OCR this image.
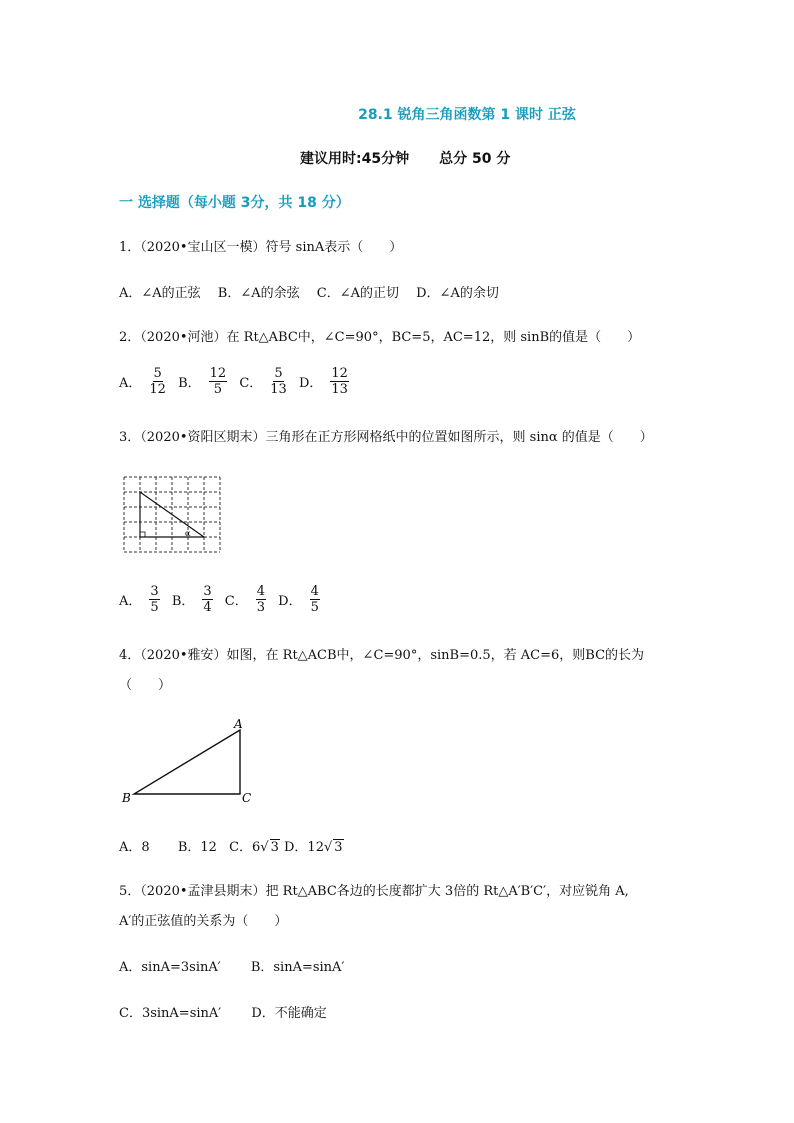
28.1 锐角三角函数第 1 课时 正弦
建议用时:45分钟 总分 50 分
一 选择题（每小题 3分，共 18 分）
1．（2020•宝山区一模）符号 sinA表示（　　）
A．∠A的正弦　 B．∠A的余弦　 C．∠A的正切　 D．∠A的余切
2．（2020•河池）在 Rt△ABC中，∠C=90°，BC=5，AC=12，则 sinB的值是（　　）
A． $\frac{5}{12}$
B． $\frac{12}{5}$
C． $\frac{5}{13}$
D． $\frac{12}{13}$
3．（2020•资阳区期末）三角形在正方形网格纸中的位置如图所示，则 sinα 的值是（　　）
α
A． $\frac{3}{5}$
B． $\frac{3}{4}$
C． $\frac{4}{3}$
D． $\frac{4}{5}$
4．（2020•雅安）如图，在 Rt△ACB中，∠C=90°，sinB=0.5，若 AC=6，则BC的长为
（　　）
A
B	C
A．8 B．12 C．6 √ 3 D．12 √ 3
5．（2020•孟津县期末）把 Rt△ABC各边的长度都扩大 3倍的 Rt△A′B′C′，对应锐角 A,
A′的正弦值的关系为（　　）
A．sinA=3sinA′　　 B．sinA=sinA′
C．3sinA=sinA′　　 D．不能确定
